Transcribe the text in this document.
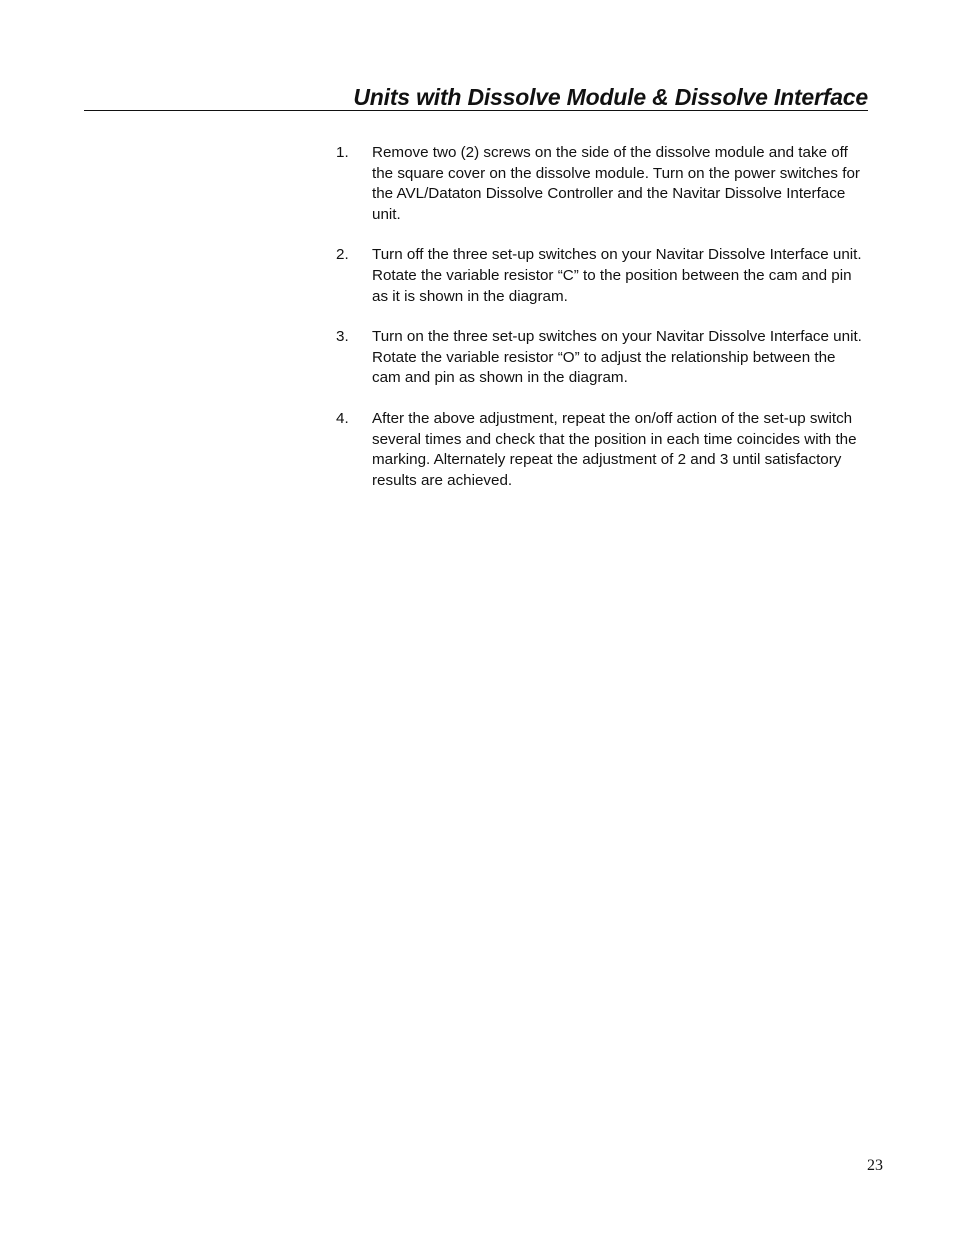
Units with Dissolve Module & Dissolve Interface
1. Remove two (2) screws on the side of the dissolve module and take off the square cover on the dissolve module. Turn on the power switches for the AVL/Dataton Dissolve Controller and the Navitar Dissolve Interface unit.
2. Turn off the three set-up switches on your Navitar Dissolve Interface unit. Rotate the variable resistor “C” to the position between the cam and pin as it is shown in the diagram.
3. Turn on the three set-up switches on your Navitar Dissolve Interface unit. Rotate the variable resistor “O” to adjust the relationship between the cam and pin as shown in the diagram.
4. After the above adjustment, repeat the on/off action of the set-up switch several times and check that the position in each time coincides with the marking. Alternately repeat the adjustment of 2 and 3 until satisfactory results are achieved.
23
